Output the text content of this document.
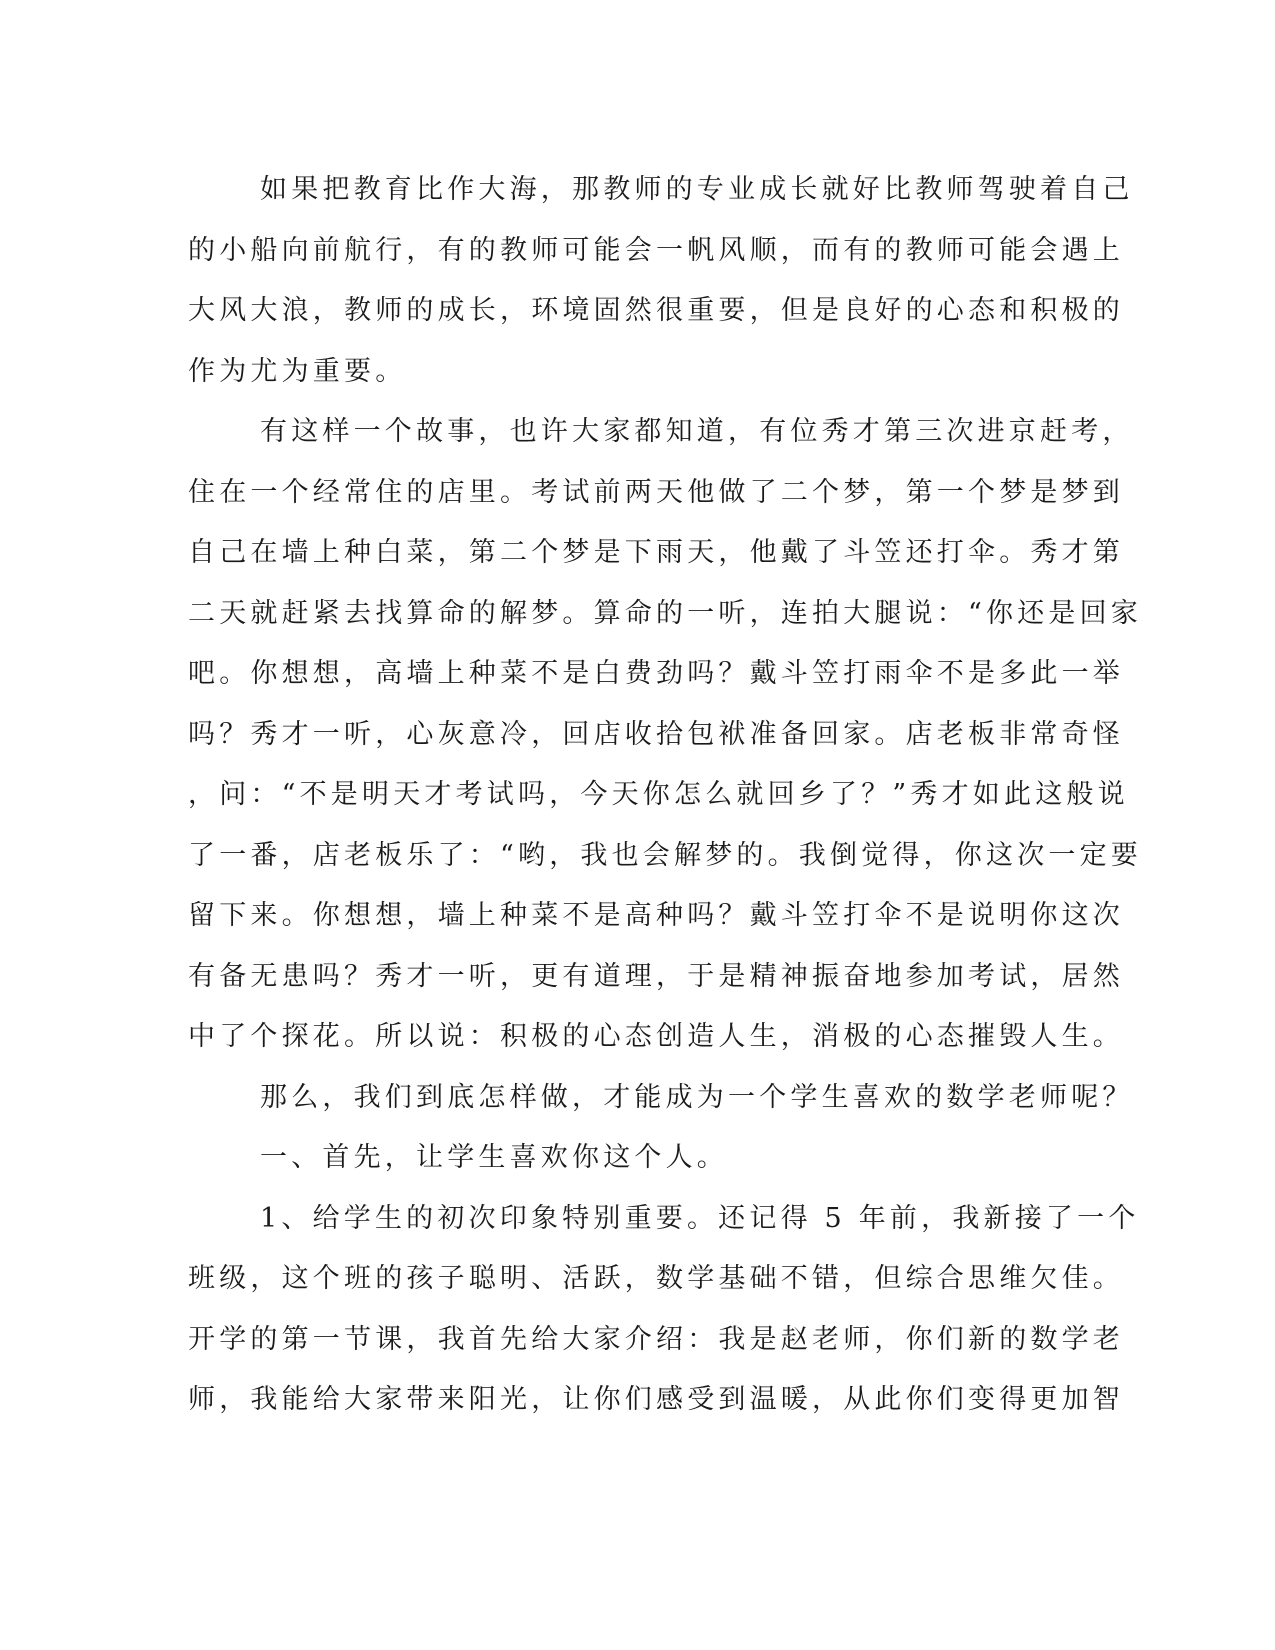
如果把教育比作大海，那教师的专业成长就好比教师驾驶着自己
的小船向前航行，有的教师可能会一帆风顺，而有的教师可能会遇上
大风大浪，教师的成长，环境固然很重要，但是良好的心态和积极的
作为尤为重要。
有这样一个故事，也许大家都知道，有位秀才第三次进京赶考，
住在一个经常住的店里。考试前两天他做了二个梦，第一个梦是梦到
自己在墙上种白菜，第二个梦是下雨天，他戴了斗笠还打伞。秀才第
二天就赶紧去找算命的解梦。算命的一听，连拍大腿说：“你还是回家
吧。你想想，高墙上种菜不是白费劲吗？戴斗笠打雨伞不是多此一举
吗？秀才一听，心灰意冷，回店收拾包袱准备回家。店老板非常奇怪
，问：“不是明天才考试吗，今天你怎么就回乡了？”秀才如此这般说
了一番，店老板乐了：“哟，我也会解梦的。我倒觉得，你这次一定要
留下来。你想想，墙上种菜不是高种吗？戴斗笠打伞不是说明你这次
有备无患吗？秀才一听，更有道理，于是精神振奋地参加考试，居然
中了个探花。所以说：积极的心态创造人生，消极的心态摧毁人生。
那么，我们到底怎样做，才能成为一个学生喜欢的数学老师呢？
一、首先，让学生喜欢你这个人。
1、给学生的初次印象特别重要。还记得 5 年前，我新接了一个
班级，这个班的孩子聪明、活跃，数学基础不错，但综合思维欠佳。
开学的第一节课，我首先给大家介绍：我是赵老师，你们新的数学老
师，我能给大家带来阳光，让你们感受到温暖，从此你们变得更加智
